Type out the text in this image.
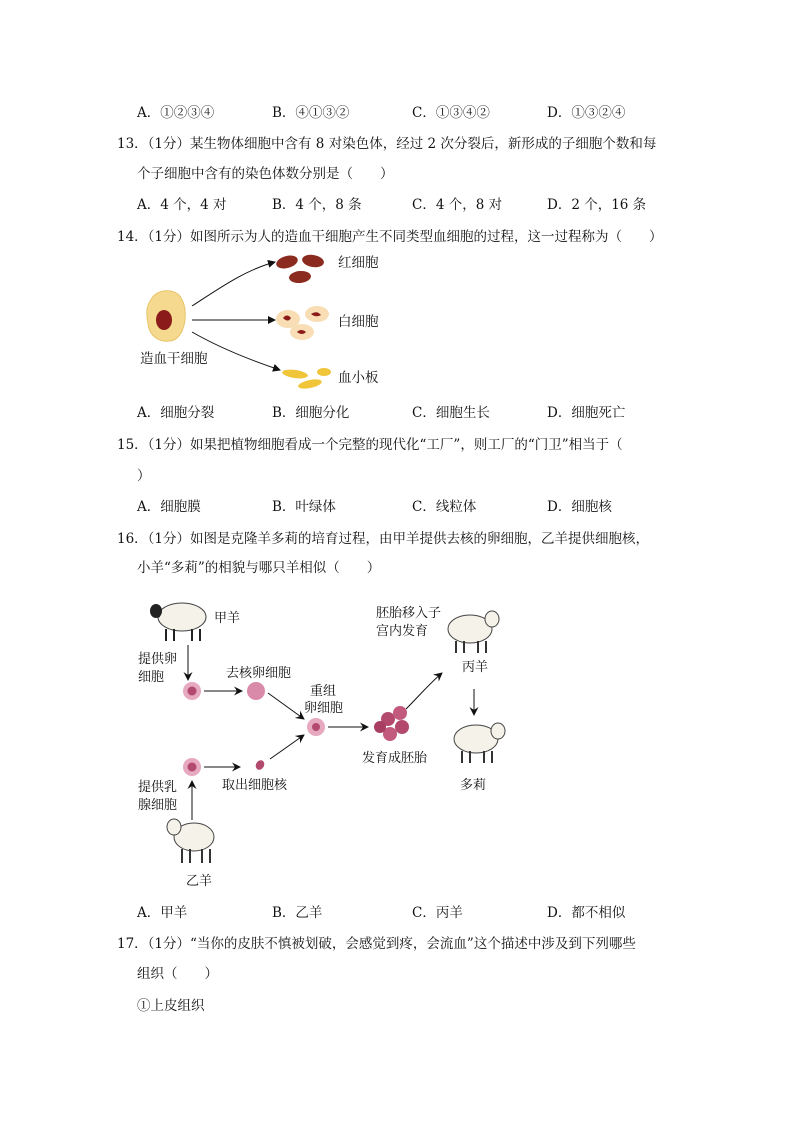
A．①②③④	B．④①③②	C．①③④②	D．①③②④
13．（1分）某生物体细胞中含有 8 对染色体，经过 2 次分裂后，新形成的子细胞个数和每
个子细胞中含有的染色体数分别是（　　）
A．4 个，4 对	B．4 个，8 条	C．4 个，8 对	D．2 个，16 条
14．（1分）如图所示为人的造血干细胞产生不同类型血细胞的过程，这一过程称为（　　）
红细胞
白细胞
血小板
造血干细胞
A．细胞分裂	B．细胞分化	C．细胞生长	D．细胞死亡
15．（1分）如果把植物细胞看成一个完整的现代化“工厂”，则工厂的“门卫”相当于（
）
A．细胞膜	B．叶绿体	C．线粒体	D．细胞核
16．（1分）如图是克隆羊多莉的培育过程，由甲羊提供去核的卵细胞，乙羊提供细胞核，
小羊“多莉”的相貌与哪只羊相似（　　）
甲羊
提供卵
细胞	去核卵细胞
重组
卵细胞
发育成胚胎
胚胎移入子
宫内发育
丙羊
多莉
提供乳
腺细胞
取出细胞核
乙羊
A．甲羊	B．乙羊	C．丙羊	D．都不相似
17．（1分）“当你的皮肤不慎被划破，会感觉到疼，会流血”这个描述中涉及到下列哪些
组织（　　）
①上皮组织
